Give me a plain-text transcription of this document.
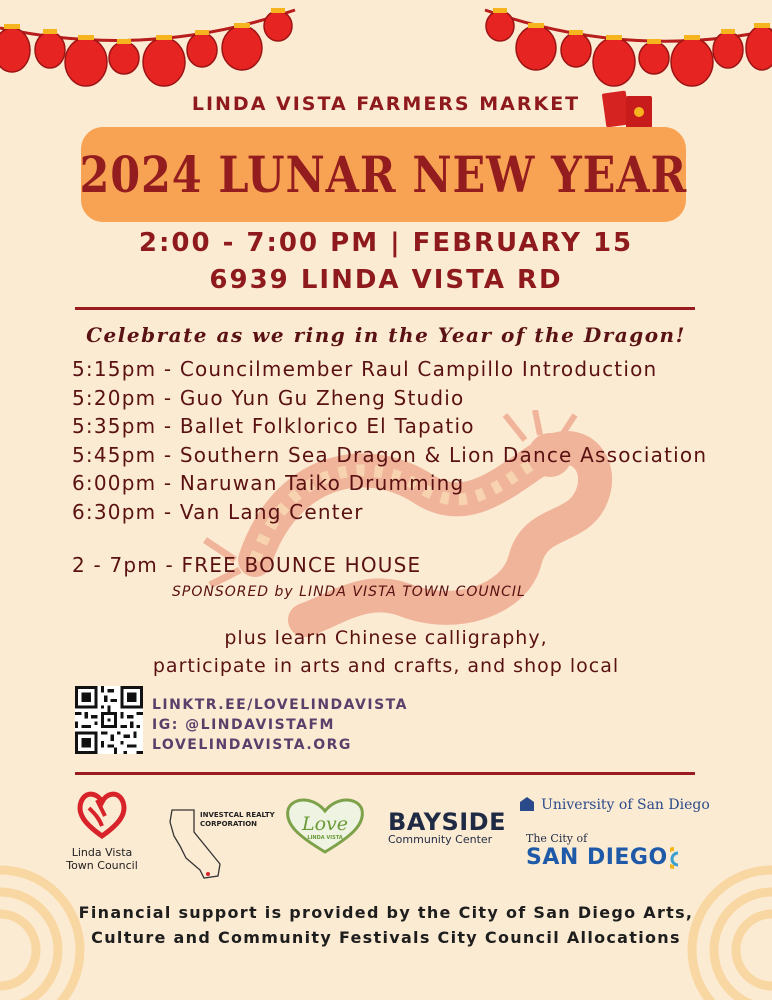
LINDA VISTA FARMERS MARKET
2024 LUNAR NEW YEAR
2:00 - 7:00 PM | FEBRUARY 15
6939 LINDA VISTA RD
Celebrate as we ring in the Year of the Dragon!
5:15pm - Councilmember Raul Campillo Introduction
5:20pm - Guo Yun Gu Zheng Studio
5:35pm - Ballet Folklorico El Tapatio
5:45pm - Southern Sea Dragon & Lion Dance Association
6:00pm - Naruwan Taiko Drumming
6:30pm - Van Lang Center
2 - 7pm - FREE BOUNCE HOUSE
SPONSORED by LINDA VISTA TOWN COUNCIL
plus learn Chinese calligraphy,
participate in arts and crafts, and shop local
LINKTR.EE/LOVELINDAVISTA
IG: @LINDAVISTAFM
LOVELINDAVISTA.ORG
Linda Vista
Town Council
INVESTCAL REALTY
CORPORATION	Love
LINDA VISTA
BAYSIDE
Community Center
University of San Diego
The City of
SAN DIEGO
Financial support is provided by the City of San Diego Arts,
Culture and Community Festivals City Council Allocations
